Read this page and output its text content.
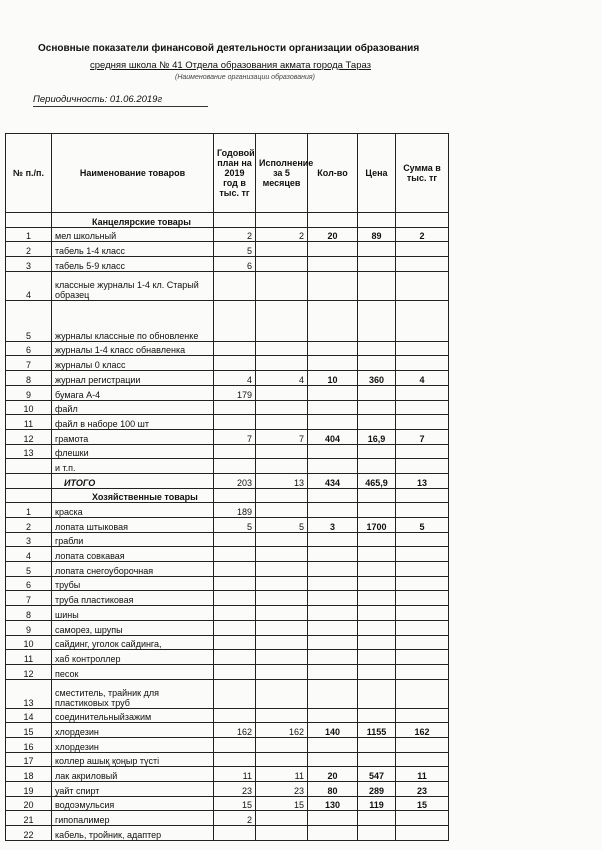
Основные показатели финансовой деятельности организации образования
средняя школа № 41 Отдела образования акмата города Тараз
(Наименование организации образования)
Периодичность: 01.06.2019г
№ п./п.	Наименование товаров	Годовой план на 2019 год в тыс. тг	Исполнение за 5 месяцев	Кол-во	Цена	Сумма в тыс. тг
	Канцелярские товары					
1	мел школьный	2	2	20	89	2
2	табель 1-4 класс	5				
3	табель 5-9 класс	6				
4	классные журналы 1-4 кл. Старый образец					
5	журналы классные по обновленке					
6	журналы 1-4 класс обнавленка					
7	журналы 0 класс					
8	журнал регистрации	4	4	10	360	4
9	бумага А-4	179				
10	файл					
11	файл в наборе 100 шт					
12	грамота	7	7	404	16,9	7
13	флешки					
	и т.п.					
	ИТОГО	203	13	434	465,9	13
	Хозяйственные товары					
1	краска	189				
2	лопата штыковая	5	5	3	1700	5
3	грабли					
4	лопата совкавая					
5	лопата снегоуборочная					
6	трубы					
7	труба пластиковая					
8	шины					
9	саморез, шрупы					
10	сайдинг, уголок сайдинга,					
11	хаб контроллер					
12	песок					
13	сместитель, трайник для пластиковых труб					
14	соединительныйзажим					
15	хлордезин	162	162	140	1155	162
16	хлордезин					
17	коллер ашық қоңыр түсті					
18	лак акриловый	11	11	20	547	11
19	уайт спирт	23	23	80	289	23
20	водоэмульсия	15	15	130	119	15
21	гипопалимер	2				
22	кабель, тройник, адаптер					
